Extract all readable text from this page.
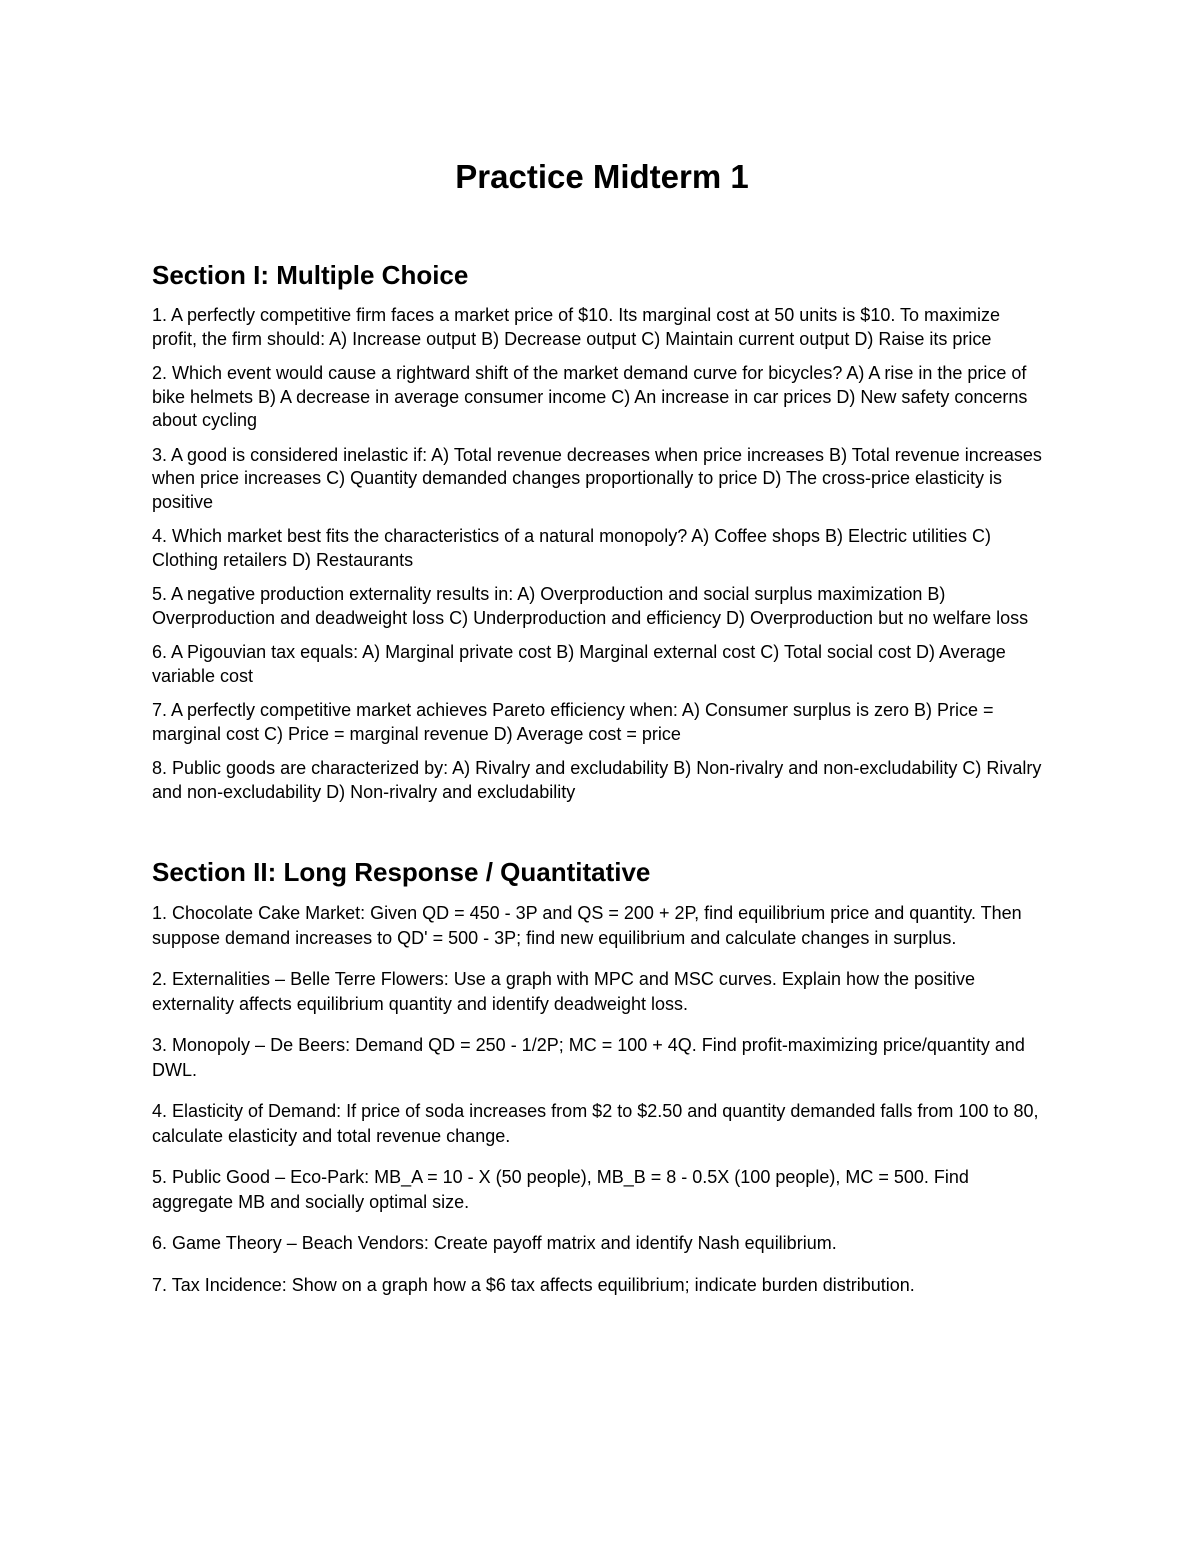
Practice Midterm 1
Section I: Multiple Choice

1. A perfectly competitive firm faces a market price of $10. Its marginal cost at 50 units is $10. To maximize profit, the firm should: A) Increase output B) Decrease output C) Maintain current output D) Raise its price

2. Which event would cause a rightward shift of the market demand curve for bicycles? A) A rise in the price of bike helmets B) A decrease in average consumer income C) An increase in car prices D) New safety concerns about cycling

3. A good is considered inelastic if: A) Total revenue decreases when price increases B) Total revenue increases when price increases C) Quantity demanded changes proportionally to price D) The cross-price elasticity is positive

4. Which market best fits the characteristics of a natural monopoly? A) Coffee shops B) Electric utilities C) Clothing retailers D) Restaurants

5. A negative production externality results in: A) Overproduction and social surplus maximization B) Overproduction and deadweight loss C) Underproduction and efficiency D) Overproduction but no welfare loss

6. A Pigouvian tax equals: A) Marginal private cost B) Marginal external cost C) Total social cost D) Average variable cost

7. A perfectly competitive market achieves Pareto efficiency when: A) Consumer surplus is zero B) Price = marginal cost C) Price = marginal revenue D) Average cost = price

8. Public goods are characterized by: A) Rivalry and excludability B) Non-rivalry and non-excludability C) Rivalry and non-excludability D) Non-rivalry and excludability

Section II: Long Response / Quantitative

1. Chocolate Cake Market: Given QD = 450 - 3P and QS = 200 + 2P, find equilibrium price and quantity. Then suppose demand increases to QD' = 500 - 3P; find new equilibrium and calculate changes in surplus.

2. Externalities – Belle Terre Flowers: Use a graph with MPC and MSC curves. Explain how the positive externality affects equilibrium quantity and identify deadweight loss.

3. Monopoly – De Beers: Demand QD = 250 - 1/2P; MC = 100 + 4Q. Find profit-maximizing price/quantity and DWL.

4. Elasticity of Demand: If price of soda increases from $2 to $2.50 and quantity demanded falls from 100 to 80, calculate elasticity and total revenue change.

5. Public Good – Eco-Park: MB_A = 10 - X (50 people), MB_B = 8 - 0.5X (100 people), MC = 500. Find aggregate MB and socially optimal size.

6. Game Theory – Beach Vendors: Create payoff matrix and identify Nash equilibrium.

7. Tax Incidence: Show on a graph how a $6 tax affects equilibrium; indicate burden distribution.
